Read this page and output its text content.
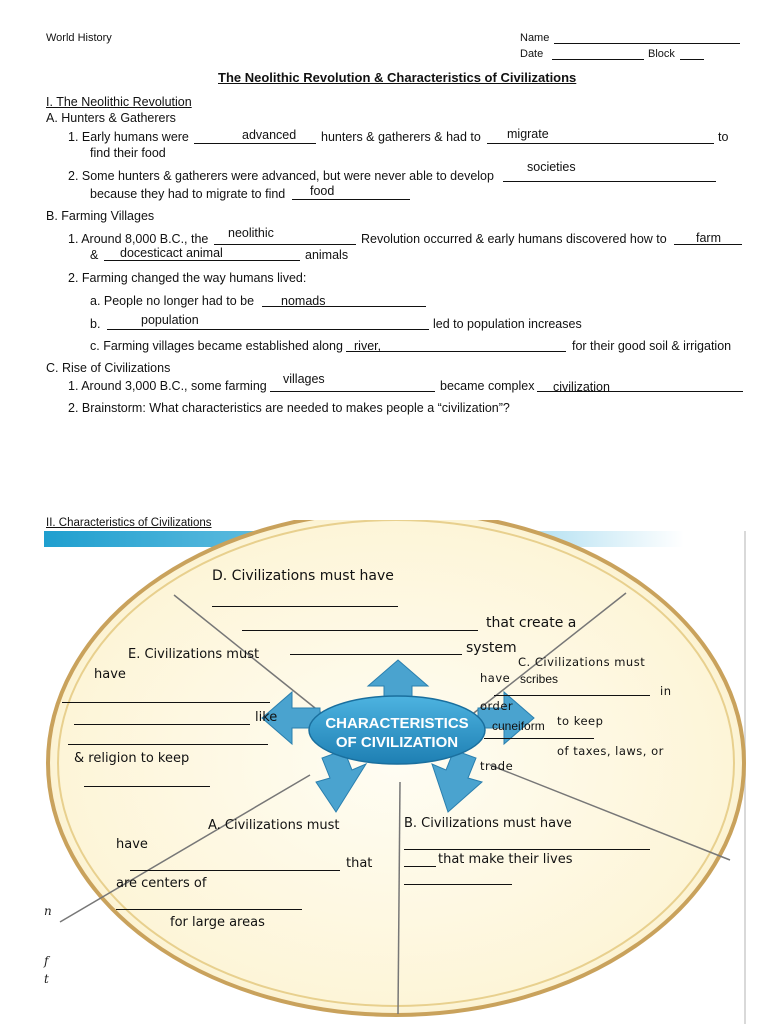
World History	Name
Date	Block
The Neolithic Revolution & Characteristics of Civilizations
I. The Neolithic Revolution
A. Hunters & Gatherers
1. Early humans were	advanced hunters & gatherers & had to migrate	to
find their food
societies
2. Some hunters & gatherers were advanced, but were never able to develop
because they had to migrate to find food
B. Farming Villages
neolithic
1. Around 8,000 B.C., the	Revolution occurred & early humans discovered how to farm
& docesticact animal	animals
2. Farming changed the way humans lived:
a. People no longer had to be nomads
b.	population	led to population increases
c. Farming villages became established along river,	for their good soil & irrigation
C. Rise of Civilizations
villages
1. Around 3,000 B.C., some farming	became complex civilization
2. Brainstorm: What characteristics are needed to makes people a “civilization”?
II. Characteristics of Civilizations
CHARACTERISTICS
OF CIVILIZATION
D. Civilizations must have
that create a
system
E. Civilizations must
have
like
& religion to keep
C. Civilizations must
have scribes
in
order
cuneiform to keep
of taxes, laws, or
trade
A. Civilizations must
have
that
are centers of
for large areas
B. Civilizations must have
that make their lives
n
f
t
